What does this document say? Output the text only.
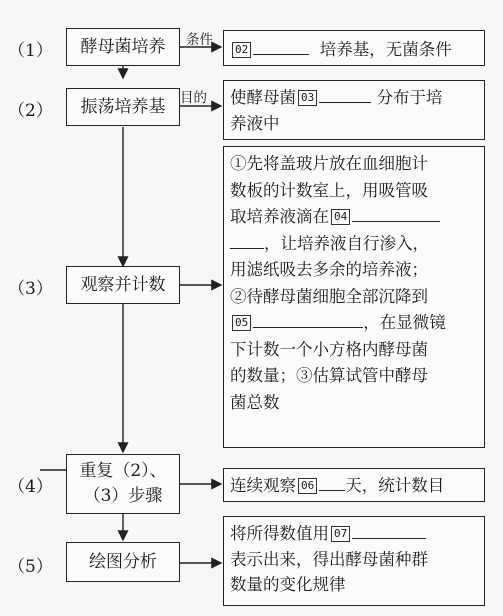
（1）	酵母菌培养 条件
02	培养基，无菌条件
（2）	振荡培养基 目的	使酵母菌 03	分布于培
养液中
（3）	观察并计数
①先将盖玻片放在血细胞计
数板的计数室上，用吸管吸
取培养液滴在 04
，让培养液自行渗入，
用滤纸吸去多余的培养液；
②待酵母菌细胞全部沉降到
05	，在显微镜
下计数一个小方格内酵母菌
的数量；③估算试管中酵母
菌总数
（4）
重复（2）、
（3）步骤
连续观察 06 天，统计数目
（5）	绘图分析
将所得数值用 07
表示出来，得出酵母菌种群
数量的变化规律
